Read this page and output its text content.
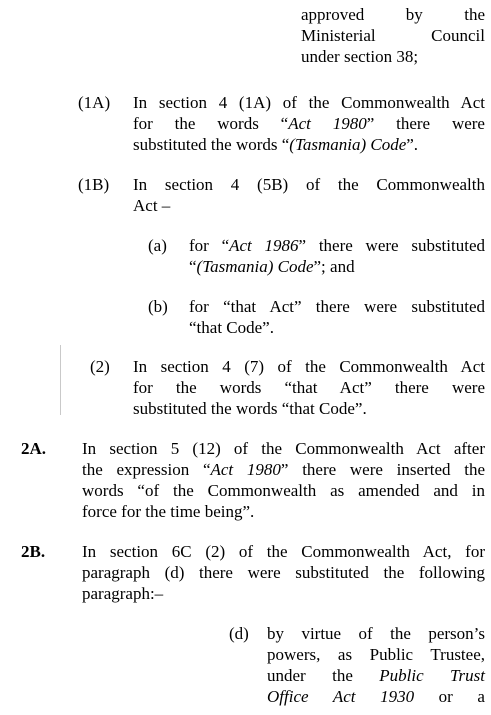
approved by the
Ministerial Council
under section 38;
(1A) In section 4 (1A) of the Commonwealth Act
for the words “Act 1980” there were
substituted the words “(Tasmania) Code”.
(1B) In section 4 (5B) of the Commonwealth
Act –
(a) for “Act 1986” there were substituted
“(Tasmania) Code”; and
(b) for “that Act” there were substituted
“that Code”.
(2) In section 4 (7) of the Commonwealth Act
for the words “that Act” there were
substituted the words “that Code”.
2A. In section 5 (12) of the Commonwealth Act after
the expression “Act 1980” there were inserted the
words “of the Commonwealth as amended and in
force for the time being”.
2B. In section 6C (2) of the Commonwealth Act, for
paragraph (d) there were substituted the following
paragraph:–
(d) by virtue of the person’s
powers, as Public Trustee,
under the Public Trust
Office Act 1930 or a
